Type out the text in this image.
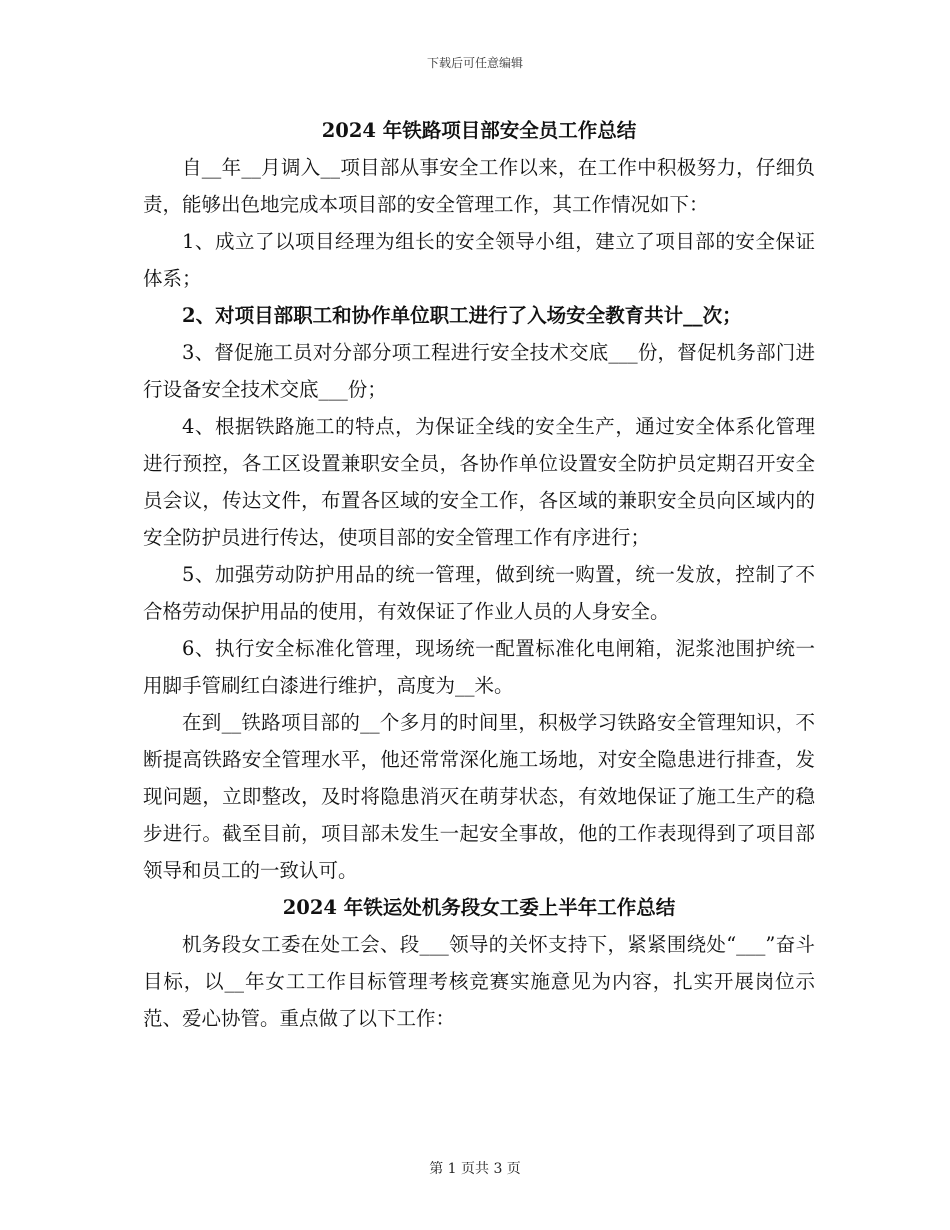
下载后可任意编辑
2024 年铁路项目部安全员工作总结

自__年__月调入__项目部从事安全工作以来，在工作中积极努力，仔细负责，能够出色地完成本项目部的安全管理工作，其工作情况如下：

1、成立了以项目经理为组长的安全领导小组，建立了项目部的安全保证体系；

2、对项目部职工和协作单位职工进行了入场安全教育共计__次；

3、督促施工员对分部分项工程进行安全技术交底___份，督促机务部门进行设备安全技术交底___份；

4、根据铁路施工的特点，为保证全线的安全生产，通过安全体系化管理进行预控，各工区设置兼职安全员，各协作单位设置安全防护员定期召开安全员会议，传达文件，布置各区域的安全工作，各区域的兼职安全员向区域内的安全防护员进行传达，使项目部的安全管理工作有序进行；

5、加强劳动防护用品的统一管理，做到统一购置，统一发放，控制了不合格劳动保护用品的使用，有效保证了作业人员的人身安全。

6、执行安全标准化管理，现场统一配置标准化电闸箱，泥浆池围护统一用脚手管刷红白漆进行维护，高度为__米。

在到__铁路项目部的__个多月的时间里，积极学习铁路安全管理知识，不断提高铁路安全管理水平，他还常常深化施工场地，对安全隐患进行排查，发现问题，立即整改，及时将隐患消灭在萌芽状态，有效地保证了施工生产的稳步进行。截至目前，项目部未发生一起安全事故，他的工作表现得到了项目部领导和员工的一致认可。

2024 年铁运处机务段女工委上半年工作总结

机务段女工委在处工会、段___领导的关怀支持下，紧紧围绕处“___”奋斗目标，以__年女工工作目标管理考核竞赛实施意见为内容，扎实开展岗位示范、爱心协管。重点做了以下工作：

第 1 页共 3 页
